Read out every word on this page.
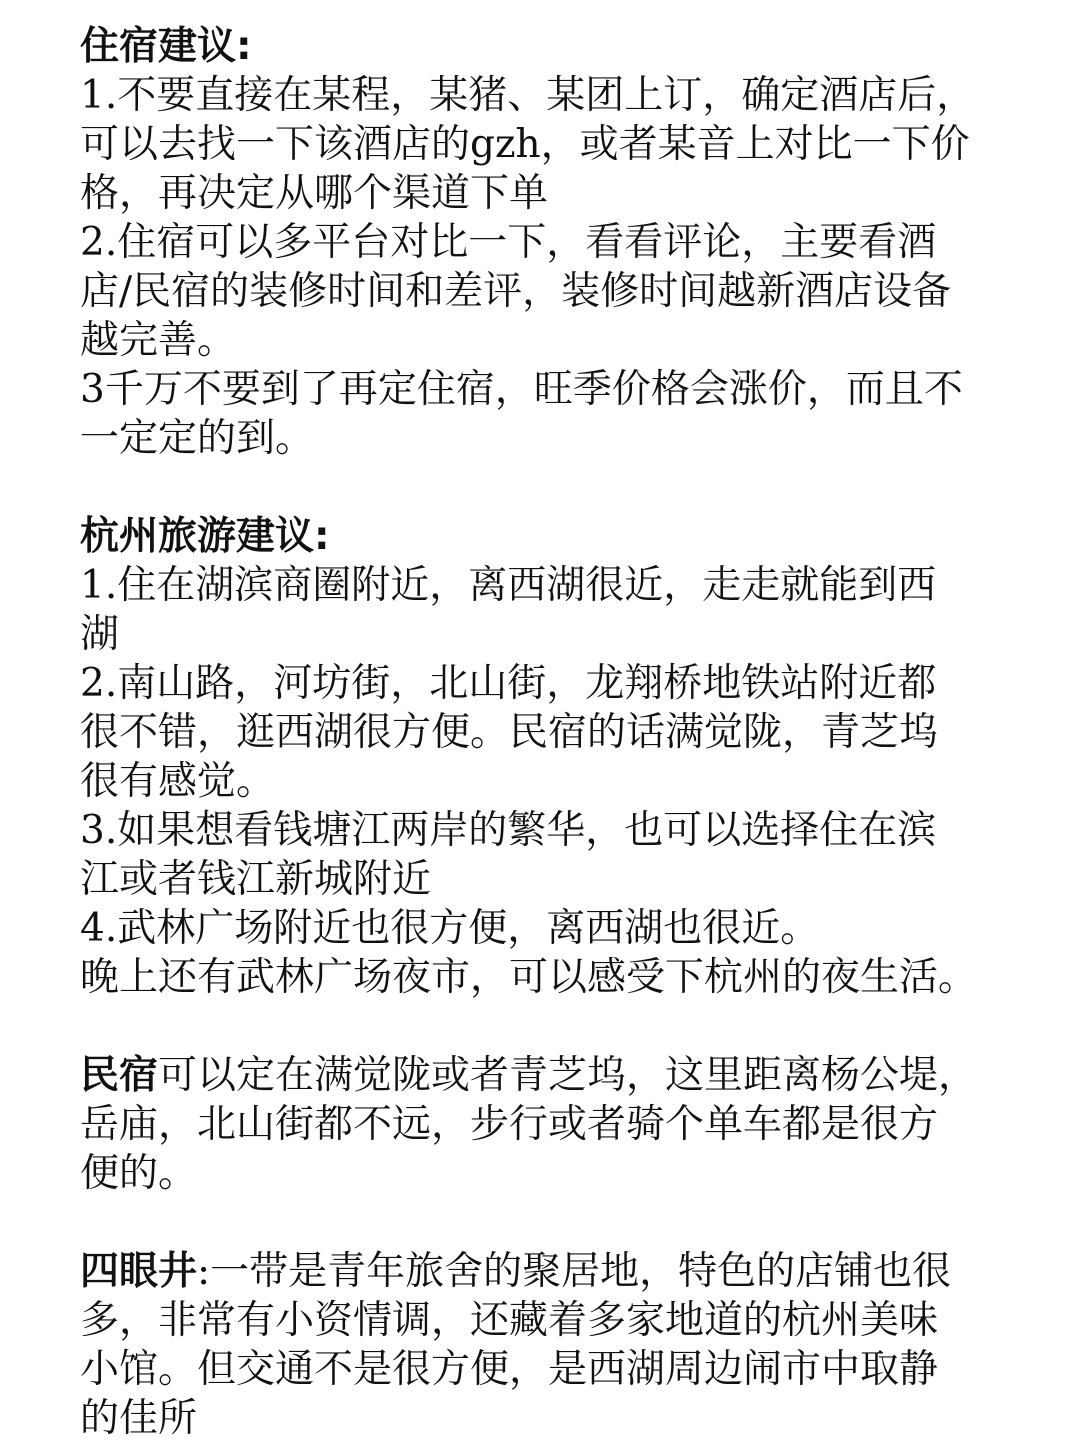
住宿建议:
1.不要直接在某程，某猪、某团上订，确定酒店后，
可以去找一下该酒店的gzh，或者某音上对比一下价
格，再决定从哪个渠道下单
2.住宿可以多平台对比一下，看看评论，主要看酒
店/民宿的装修时间和差评，装修时间越新酒店设备
越完善。
3千万不要到了再定住宿，旺季价格会涨价，而且不
一定定的到。
杭州旅游建议:
1.住在湖滨商圈附近，离西湖很近，走走就能到西
湖
2.南山路，河坊街，北山街，龙翔桥地铁站附近都
很不错，逛西湖很方便。民宿的话满觉陇，青芝坞
很有感觉。
3.如果想看钱塘江两岸的繁华，也可以选择住在滨
江或者钱江新城附近
4.武林广场附近也很方便，离西湖也很近。
晚上还有武林广场夜市，可以感受下杭州的夜生活。
民宿可以定在满觉陇或者青芝坞，这里距离杨公堤，
岳庙，北山街都不远，步行或者骑个单车都是很方
便的。
四眼井:一带是青年旅舍的聚居地，特色的店铺也很
多，非常有小资情调，还藏着多家地道的杭州美味
小馆。但交通不是很方便，是西湖周边闹市中取静
的佳所
